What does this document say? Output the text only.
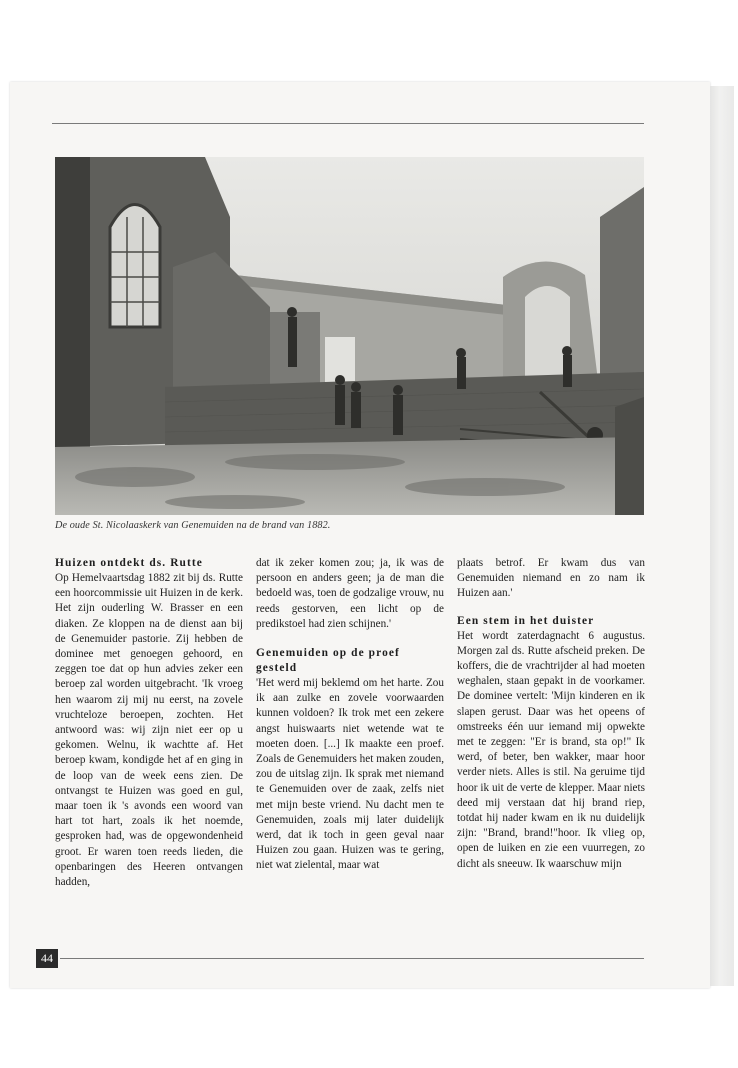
De oude St. Nicolaaskerk van Genemuiden na de brand van 1882.
Huizen ontdekt ds. Rutte

Op Hemelvaartsdag 1882 zit bij ds. Rutte een hoorcommissie uit Huizen in de kerk. Het zijn ouderling W. Brasser en een diaken. Ze kloppen na de dienst aan bij de Genemuider pastorie. Zij hebben de dominee met genoegen gehoord, en zeggen toe dat op hun advies zeker een beroep zal worden uitgebracht. 'Ik vroeg hen waarom zij mij nu eerst, na zovele vruchteloze beroepen, zochten. Het antwoord was: wij zijn niet eer op u gekomen. Welnu, ik wachtte af. Het beroep kwam, kondigde het af en ging in de loop van de week eens zien. De ontvangst te Huizen was goed en gul, maar toen ik 's avonds een woord van hart tot hart, zoals ik het noemde, gesproken had, was de opgewondenheid groot. Er waren toen reeds lieden, die openbaringen des Heeren ontvangen hadden,

dat ik zeker komen zou; ja, ik was de persoon en anders geen; ja de man die bedoeld was, toen de godzalige vrouw, nu reeds gestorven, een licht op de predikstoel had zien schijnen.'

Genemuiden op de proef gesteld

'Het werd mij beklemd om het harte. Zou ik aan zulke en zovele voorwaarden kunnen voldoen? Ik trok met een zekere angst huiswaarts niet wetende wat te moeten doen. [...] Ik maakte een proef. Zoals de Genemuiders het maken zouden, zou de uitslag zijn. Ik sprak met niemand te Genemuiden over de zaak, zelfs niet met mijn beste vriend. Nu dacht men te Genemuiden, zoals mij later duidelijk werd, dat ik toch in geen geval naar Huizen zou gaan. Huizen was te gering, niet wat zielental, maar wat

plaats betrof. Er kwam dus van Genemuiden niemand en zo nam ik Huizen aan.'

Een stem in het duister

Het wordt zaterdagnacht 6 augustus. Morgen zal ds. Rutte afscheid preken. De koffers, die de vrachtrijder al had moeten weghalen, staan gepakt in de voorkamer. De dominee vertelt: 'Mijn kinderen en ik slapen gerust. Daar was het opeens of omstreeks één uur iemand mij opwekte met te zeggen: "Er is brand, sta op!" Ik werd, of beter, ben wakker, maar hoor verder niets. Alles is stil. Na geruime tijd hoor ik uit de verte de klepper. Maar niets deed mij verstaan dat hij brand riep, totdat hij nader kwam en ik nu duidelijk zijn: "Brand, brand!"hoor. Ik vlieg op, open de luiken en zie een vuurregen, zo dicht als sneeuw. Ik waarschuw mijn

44
